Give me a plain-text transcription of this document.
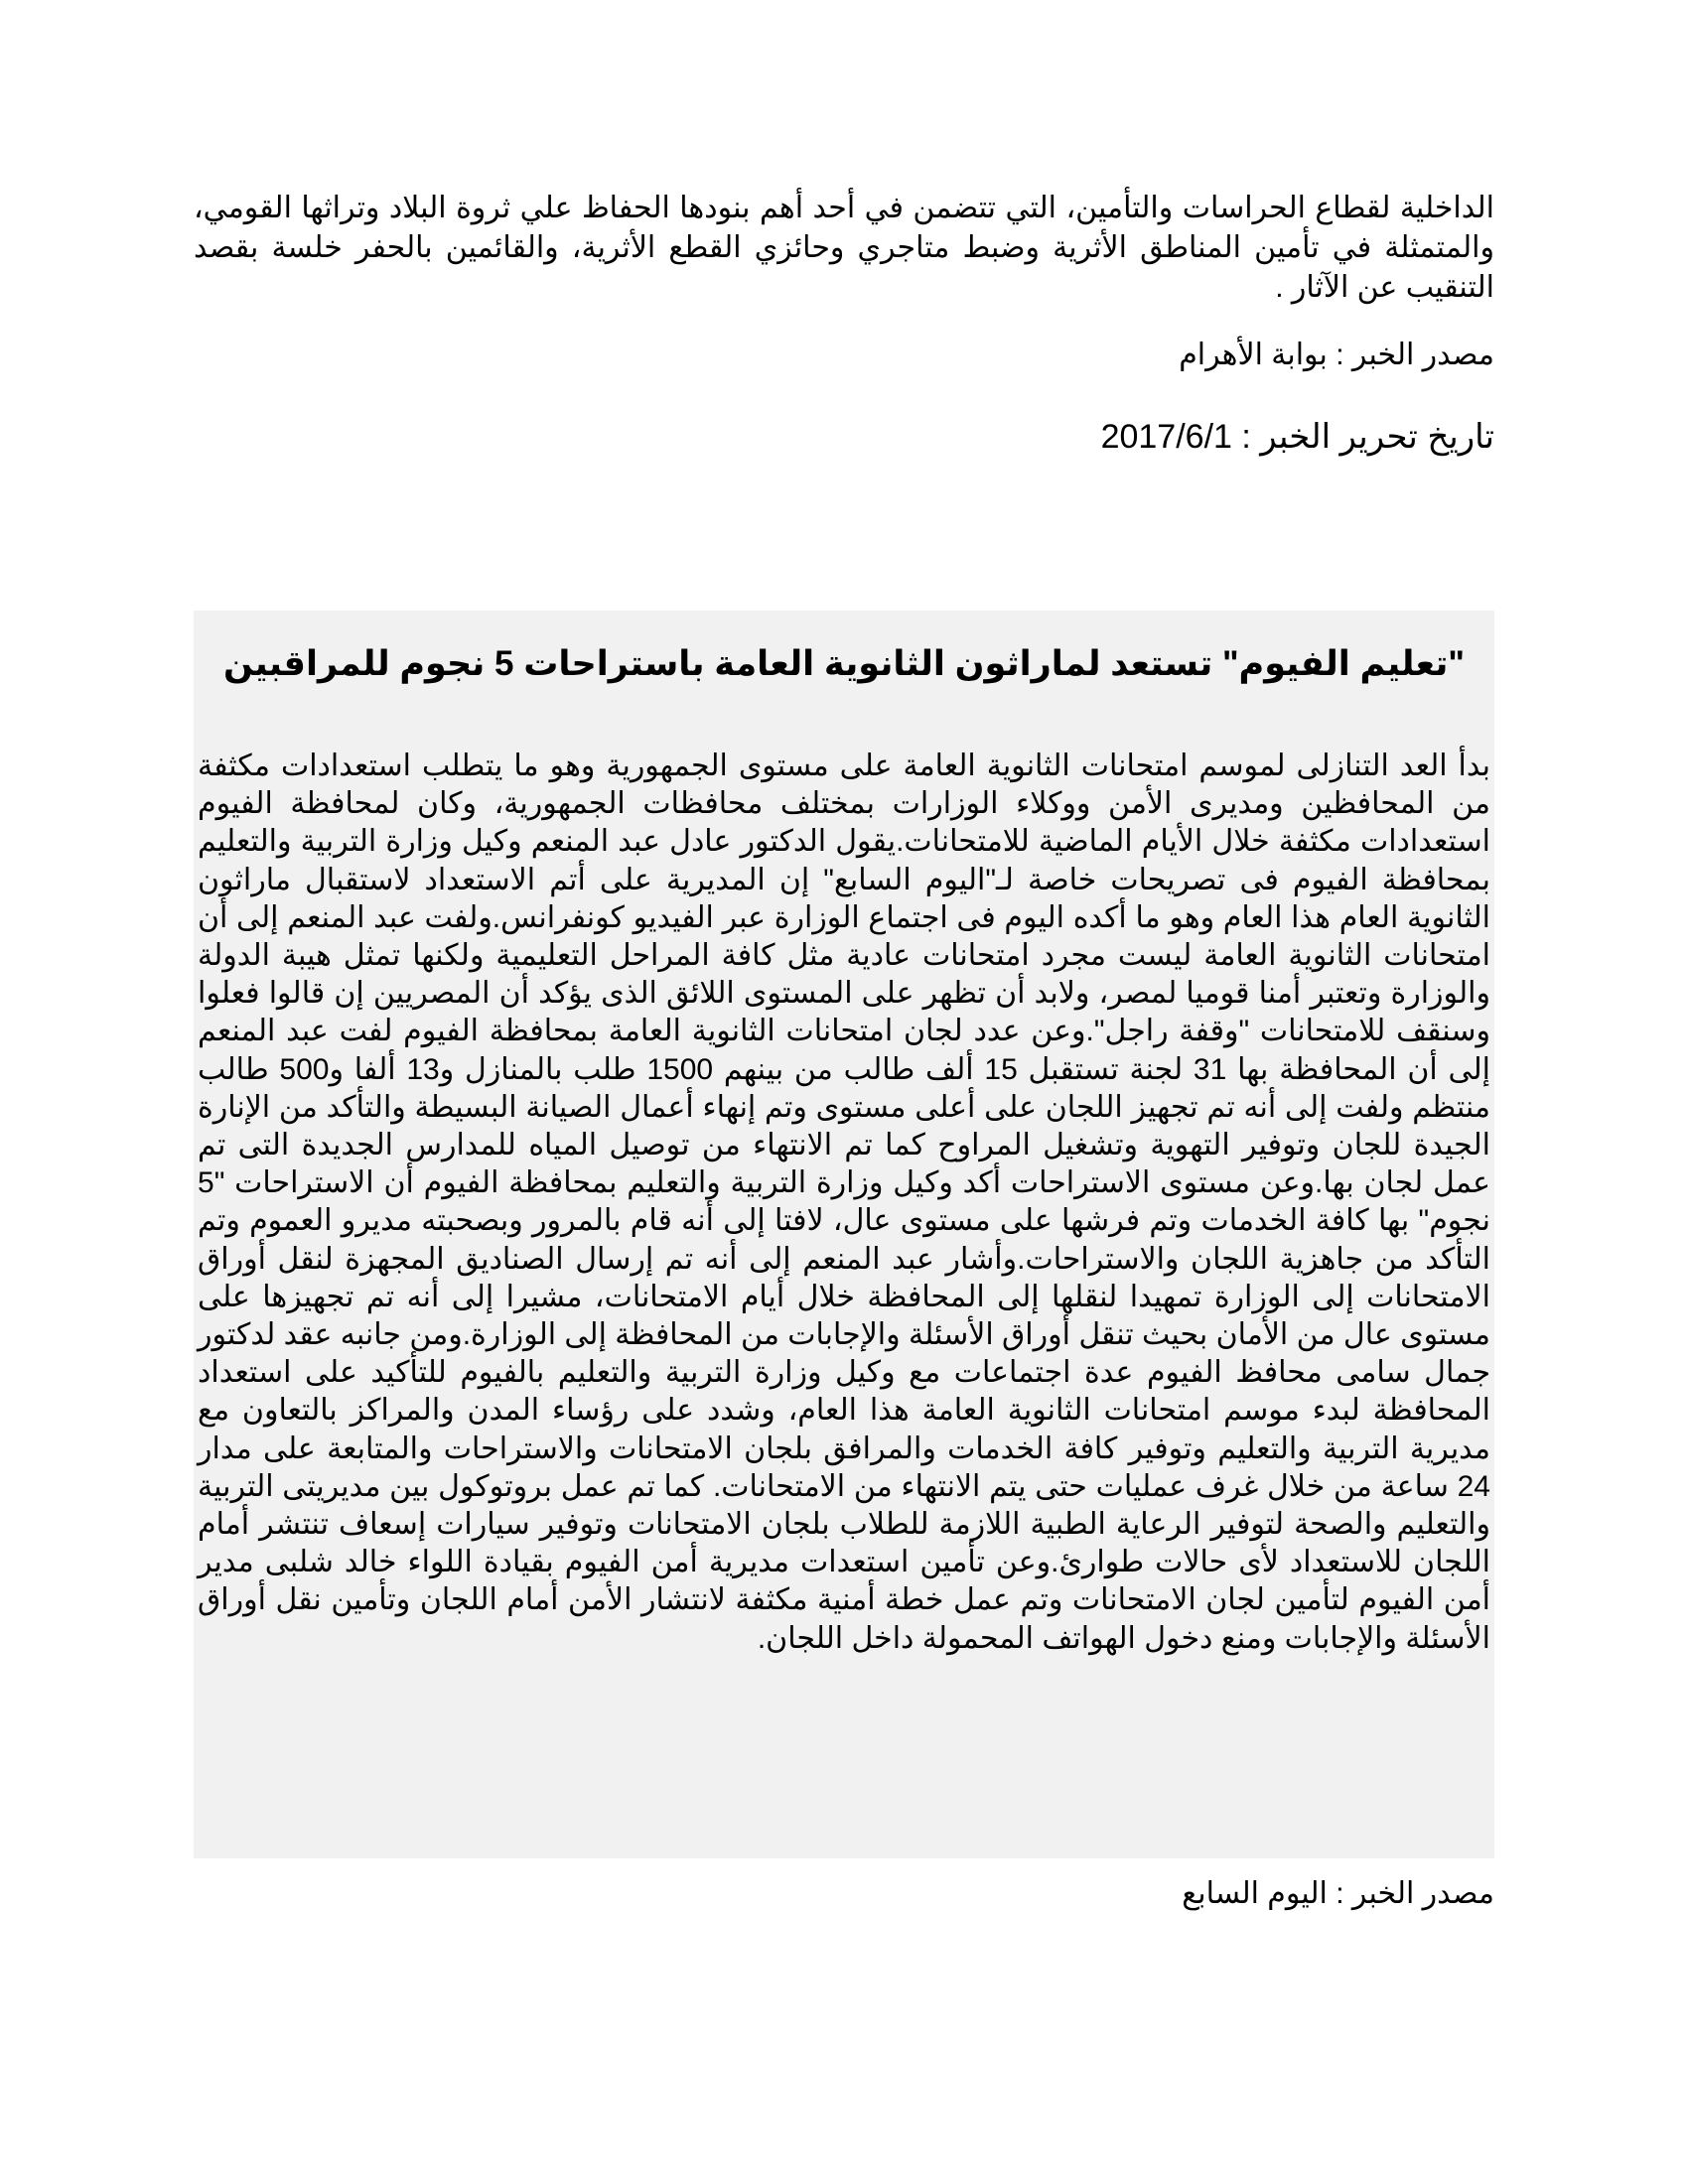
الداخلية لقطاع الحراسات والتأمين، التي تتضمن في أحد أهم بنودها الحفاظ علي ثروة البلاد وتراثها القومي، والمتمثلة في تأمين المناطق الأثرية وضبط متاجري وحائزي القطع الأثرية، والقائمين بالحفر خلسة بقصد التنقيب عن الآثار .

مصدر الخبر : بوابة الأهرام

تاريخ تحرير الخبر : 2017/6/1

"تعليم الفيوم" تستعد لماراثون الثانوية العامة باستراحات 5 نجوم للمراقبين

بدأ العد التنازلى لموسم امتحانات الثانوية العامة على مستوى الجمهورية وهو ما يتطلب استعدادات مكثفة من المحافظين ومديرى الأمن ووكلاء الوزارات بمختلف محافظات الجمهورية، وكان لمحافظة الفيوم استعدادات مكثفة خلال الأيام الماضية للامتحانات.يقول الدكتور عادل عبد المنعم وكيل وزارة التربية والتعليم بمحافظة الفيوم فى تصريحات خاصة لـ"اليوم السابع" إن المديرية على أتم الاستعداد لاستقبال ماراثون الثانوية العام هذا العام وهو ما أكده اليوم فى اجتماع الوزارة عبر الفيديو كونفرانس.ولفت عبد المنعم إلى أن امتحانات الثانوية العامة ليست مجرد امتحانات عادية مثل كافة المراحل التعليمية ولكنها تمثل هيبة الدولة والوزارة وتعتبر أمنا قوميا لمصر، ولابد أن تظهر على المستوى اللائق الذى يؤكد أن المصريين إن قالوا فعلوا وسنقف للامتحانات "وقفة راجل".وعن عدد لجان امتحانات الثانوية العامة بمحافظة الفيوم لفت عبد المنعم إلى أن المحافظة بها 31 لجنة تستقبل 15 ألف طالب من بينهم 1500 طلب بالمنازل و13 ألفا و500 طالب منتظم ولفت إلى أنه تم تجهيز اللجان على أعلى مستوى وتم إنهاء أعمال الصيانة البسيطة والتأكد من الإنارة الجيدة للجان وتوفير التهوية وتشغيل المراوح كما تم الانتهاء من توصيل المياه للمدارس الجديدة التى تم عمل لجان بها.وعن مستوى الاستراحات أكد وكيل وزارة التربية والتعليم بمحافظة الفيوم أن الاستراحات "5 نجوم" بها كافة الخدمات وتم فرشها على مستوى عال، لافتا إلى أنه قام بالمرور وبصحبته مديرو العموم وتم التأكد من جاهزية اللجان والاستراحات.وأشار عبد المنعم إلى أنه تم إرسال الصناديق المجهزة لنقل أوراق الامتحانات إلى الوزارة تمهيدا لنقلها إلى المحافظة خلال أيام الامتحانات، مشيرا إلى أنه تم تجهيزها على مستوى عال من الأمان بحيث تنقل أوراق الأسئلة والإجابات من المحافظة إلى الوزارة.ومن جانبه عقد لدكتور جمال سامى محافظ الفيوم عدة اجتماعات مع وكيل وزارة التربية والتعليم بالفيوم للتأكيد على استعداد المحافظة لبدء موسم امتحانات الثانوية العامة هذا العام، وشدد على رؤساء المدن والمراكز بالتعاون مع مديرية التربية والتعليم وتوفير كافة الخدمات والمرافق بلجان الامتحانات والاستراحات والمتابعة على مدار 24 ساعة من خلال غرف عمليات حتى يتم الانتهاء من الامتحانات. كما تم عمل بروتوكول بين مديريتى التربية والتعليم والصحة لتوفير الرعاية الطبية اللازمة للطلاب بلجان الامتحانات وتوفير سيارات إسعاف تنتشر أمام اللجان للاستعداد لأى حالات طوارئ.وعن تأمين استعدات مديرية أمن الفيوم بقيادة اللواء خالد شلبى مدير أمن الفيوم لتأمين لجان الامتحانات وتم عمل خطة أمنية مكثفة لانتشار الأمن أمام اللجان وتأمين نقل أوراق الأسئلة والإجابات ومنع دخول الهواتف المحمولة داخل اللجان.

مصدر الخبر : اليوم السابع
